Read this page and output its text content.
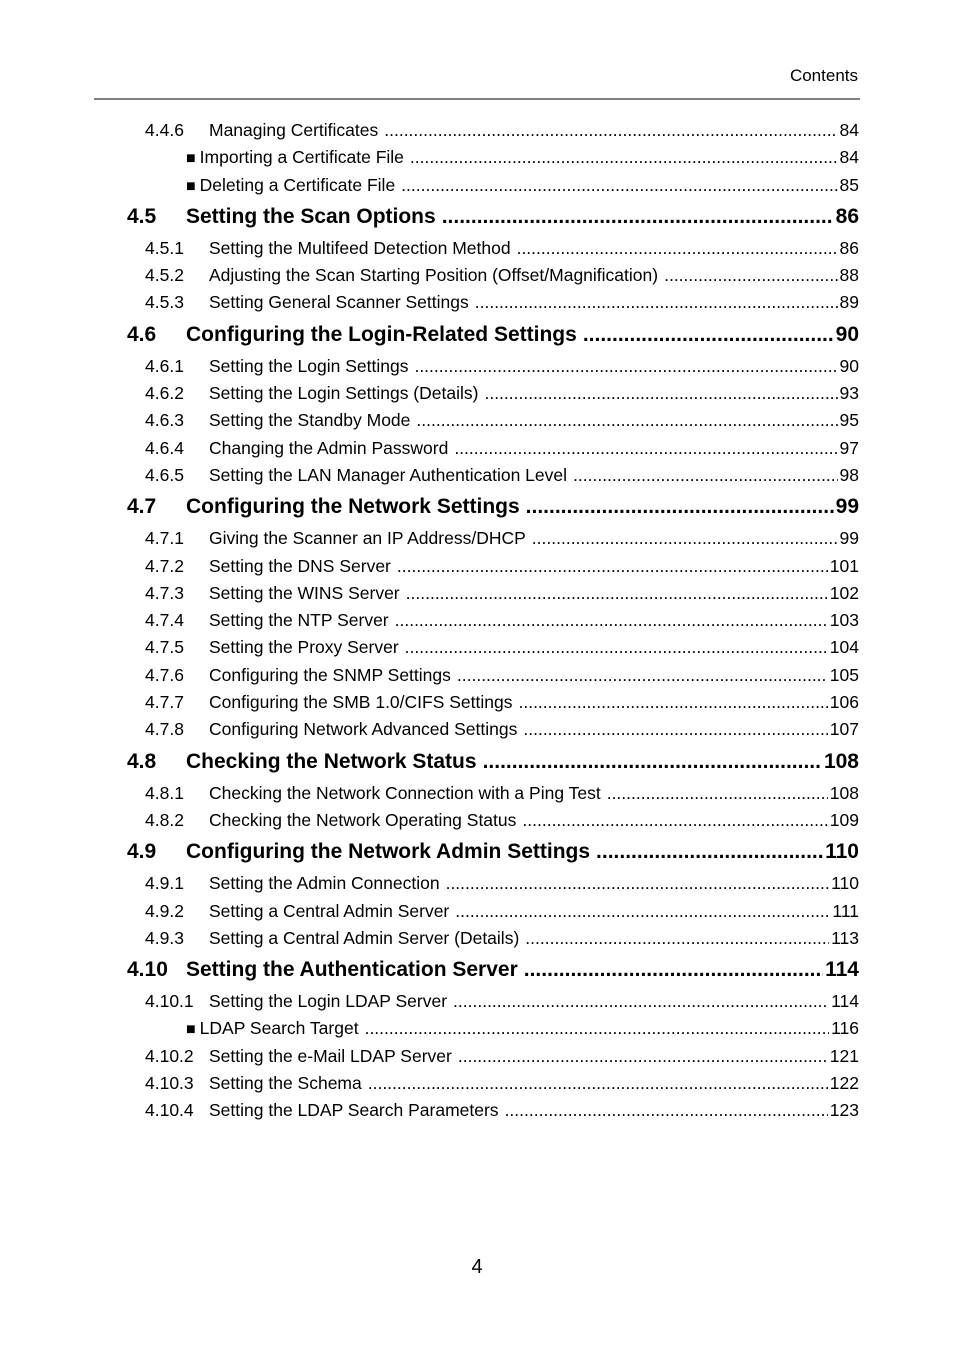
Contents
4.4.6	Managing Certificates .....	84
■ Importing a Certificate File .....	84
■ Deleting a Certificate File .....	85
4.5	Setting the Scan Options .....	86
4.5.1	Setting the Multifeed Detection Method .....	86
4.5.2	Adjusting the Scan Starting Position (Offset/Magnification) .....	88
4.5.3	Setting General Scanner Settings .....	89
4.6	Configuring the Login-Related Settings .....	90
4.6.1	Setting the Login Settings .....	90
4.6.2	Setting the Login Settings (Details) .....	93
4.6.3	Setting the Standby Mode .....	95
4.6.4	Changing the Admin Password .....	97
4.6.5	Setting the LAN Manager Authentication Level .....	98
4.7	Configuring the Network Settings .....	99
4.7.1	Giving the Scanner an IP Address/DHCP .....	99
4.7.2	Setting the DNS Server .....	101
4.7.3	Setting the WINS Server .....	102
4.7.4	Setting the NTP Server .....	103
4.7.5	Setting the Proxy Server .....	104
4.7.6	Configuring the SNMP Settings .....	105
4.7.7	Configuring the SMB 1.0/CIFS Settings .....	106
4.7.8	Configuring Network Advanced Settings .....	107
4.8	Checking the Network Status .....	108
4.8.1	Checking the Network Connection with a Ping Test .....	108
4.8.2	Checking the Network Operating Status .....	109
4.9	Configuring the Network Admin Settings .....	110
4.9.1	Setting the Admin Connection .....	110
4.9.2	Setting a Central Admin Server .....	111
4.9.3	Setting a Central Admin Server (Details) .....	113
4.10 Setting the Authentication Server .....	114
4.10.1 Setting the Login LDAP Server .....	114
■ LDAP Search Target .....	116
4.10.2 Setting the e-Mail LDAP Server .....	121
4.10.3 Setting the Schema .....	122
4.10.4 Setting the LDAP Search Parameters .....	123
4
